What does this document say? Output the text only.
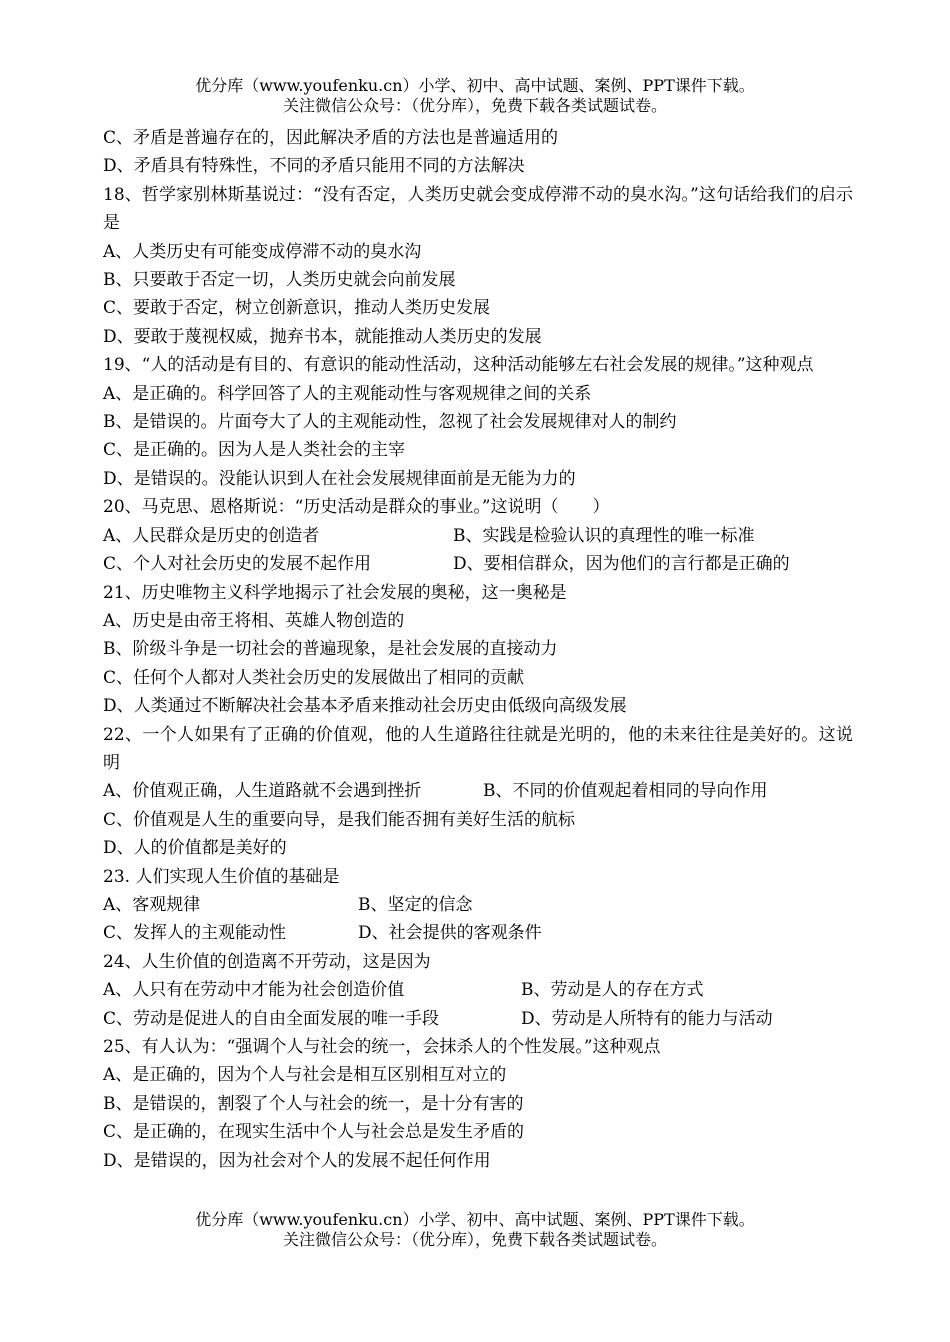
优分库（www.youfenku.cn）小学、初中、高中试题、案例、PPT课件下载。
关注微信公众号：（优分库），免费下载各类试题试卷。
C、矛盾是普遍存在的，因此解决矛盾的方法也是普遍适用的
D、矛盾具有特殊性，不同的矛盾只能用不同的方法解决
18、哲学家别林斯基说过：“没有否定，人类历史就会变成停滞不动的臭水沟。”这句话给我们的启示是
A、人类历史有可能变成停滞不动的臭水沟
B、只要敢于否定一切，人类历史就会向前发展
C、要敢于否定，树立创新意识，推动人类历史发展
D、要敢于蔑视权威，抛弃书本，就能推动人类历史的发展
19、“人的活动是有目的、有意识的能动性活动，这种活动能够左右社会发展的规律。”这种观点
A、是正确的。科学回答了人的主观能动性与客观规律之间的关系
B、是错误的。片面夸大了人的主观能动性，忽视了社会发展规律对人的制约
C、是正确的。因为人是人类社会的主宰
D、是错误的。没能认识到人在社会发展规律面前是无能为力的
20、马克思、恩格斯说：“历史活动是群众的事业。”这说明（　　）
A、人民群众是历史的创造者	B、实践是检验认识的真理性的唯一标准
C、个人对社会历史的发展不起作用	D、要相信群众，因为他们的言行都是正确的
21、历史唯物主义科学地揭示了社会发展的奥秘，这一奥秘是
A、历史是由帝王将相、英雄人物创造的
B、阶级斗争是一切社会的普遍现象，是社会发展的直接动力
C、任何个人都对人类社会历史的发展做出了相同的贡献
D、人类通过不断解决社会基本矛盾来推动社会历史由低级向高级发展
22、一个人如果有了正确的价值观，他的人生道路往往就是光明的，他的未来往往是美好的。这说明
A、价值观正确，人生道路就不会遇到挫折	B、不同的价值观起着相同的导向作用
C、价值观是人生的重要向导，是我们能否拥有美好生活的航标
D、人的价值都是美好的
23. 人们实现人生价值的基础是
A、客观规律	B、坚定的信念
C、发挥人的主观能动性	D、社会提供的客观条件
24、人生价值的创造离不开劳动，这是因为
A、人只有在劳动中才能为社会创造价值	B、劳动是人的存在方式
C、劳动是促进人的自由全面发展的唯一手段	D、劳动是人所特有的能力与活动
25、有人认为：“强调个人与社会的统一，会抹杀人的个性发展。”这种观点
A、是正确的，因为个人与社会是相互区别相互对立的
B、是错误的，割裂了个人与社会的统一，是十分有害的
C、是正确的，在现实生活中个人与社会总是发生矛盾的
D、是错误的，因为社会对个人的发展不起任何作用
优分库（www.youfenku.cn）小学、初中、高中试题、案例、PPT课件下载。
关注微信公众号：（优分库），免费下载各类试题试卷。
